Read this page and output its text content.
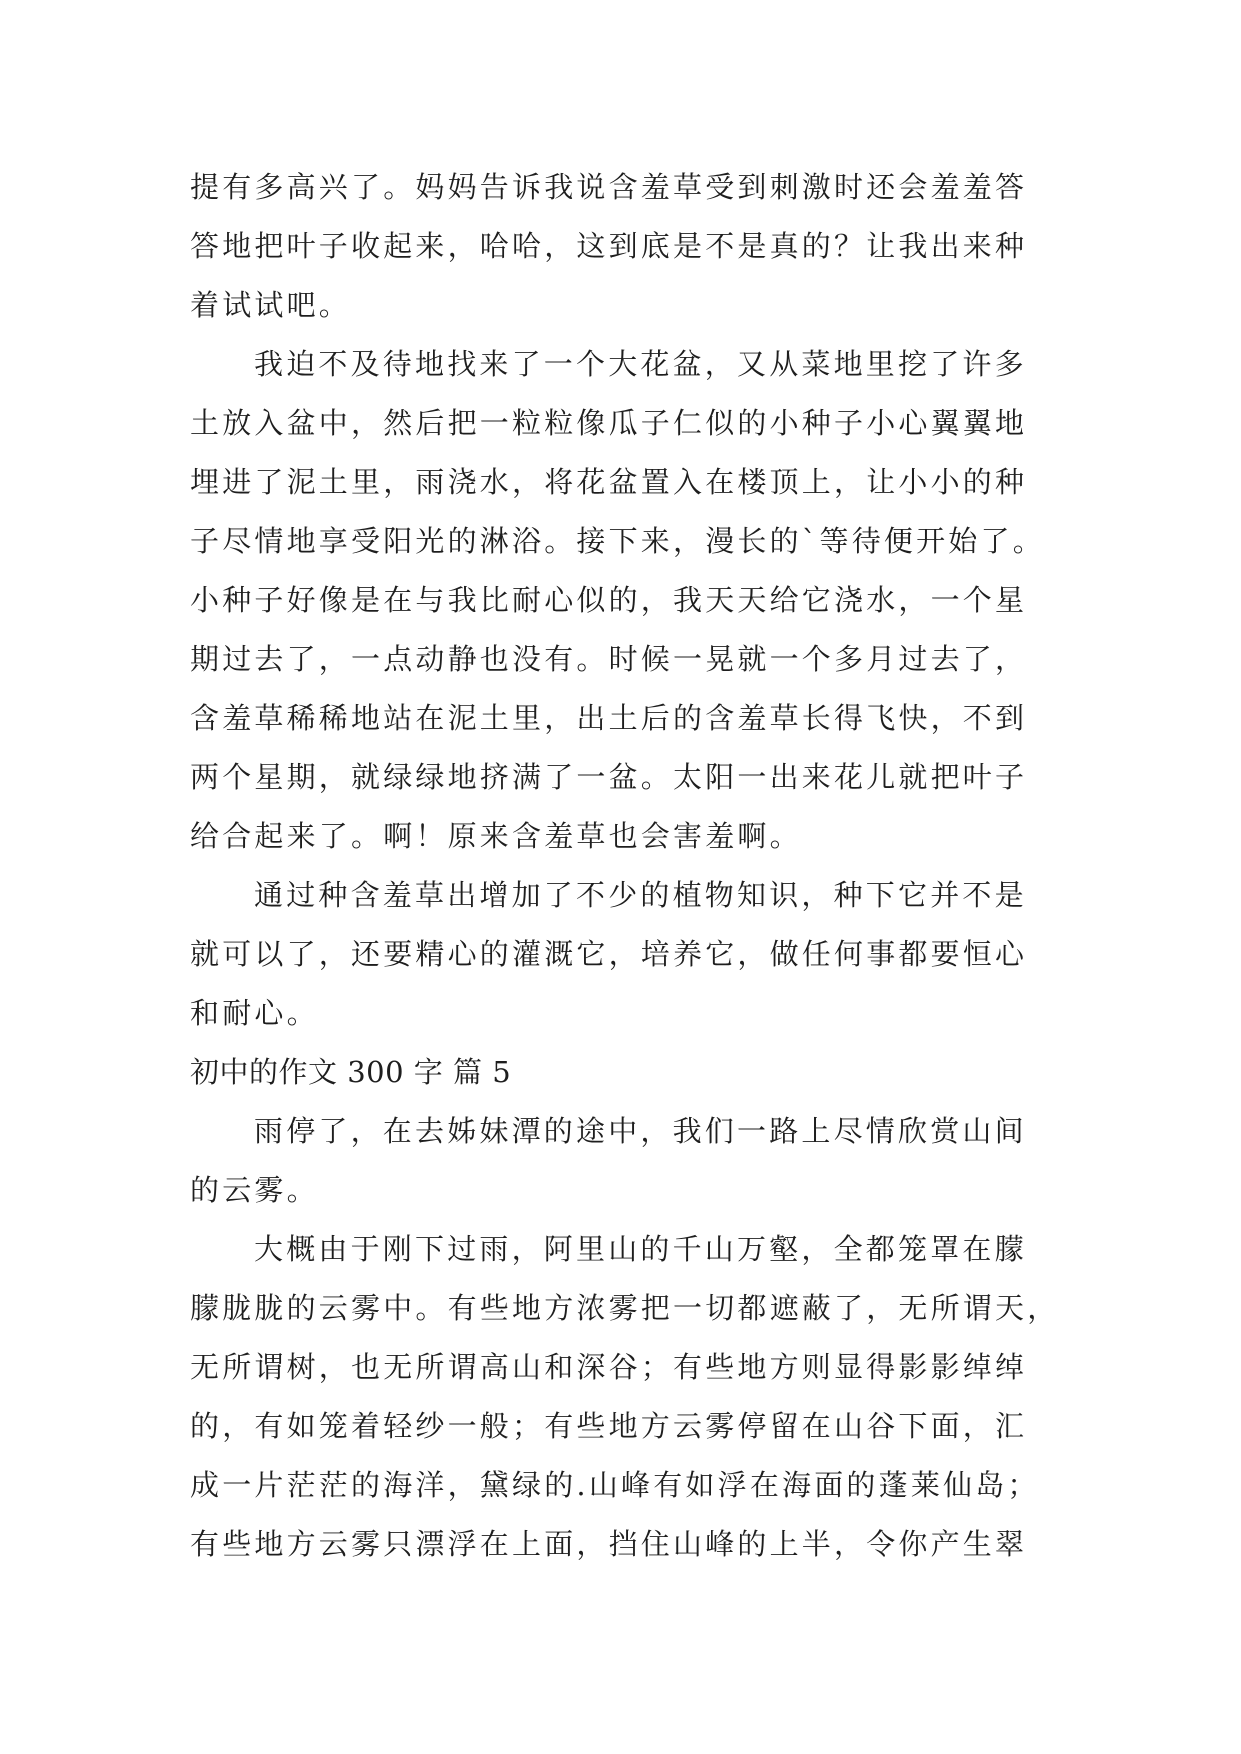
提有多高兴了。妈妈告诉我说含羞草受到刺激时还会羞羞答
答地把叶子收起来，哈哈，这到底是不是真的？让我出来种
着试试吧。
我迫不及待地找来了一个大花盆，又从菜地里挖了许多
土放入盆中，然后把一粒粒像瓜子仁似的小种子小心翼翼地
埋进了泥土里，雨浇水，将花盆置入在楼顶上，让小小的种
子尽情地享受阳光的淋浴。接下来，漫长的`等待便开始了。
小种子好像是在与我比耐心似的，我天天给它浇水，一个星
期过去了，一点动静也没有。时候一晃就一个多月过去了，
含羞草稀稀地站在泥土里，出土后的含羞草长得飞快，不到
两个星期，就绿绿地挤满了一盆。太阳一出来花儿就把叶子
给合起来了。啊！原来含羞草也会害羞啊。
通过种含羞草出增加了不少的植物知识，种下它并不是
就可以了，还要精心的灌溉它，培养它，做任何事都要恒心
和耐心。
初中的作文 300 字 篇 5
雨停了，在去姊妹潭的途中，我们一路上尽情欣赏山间
的云雾。
大概由于刚下过雨，阿里山的千山万壑，全都笼罩在朦
朦胧胧的云雾中。有些地方浓雾把一切都遮蔽了，无所谓天，
无所谓树，也无所谓高山和深谷；有些地方则显得影影绰绰
的，有如笼着轻纱一般；有些地方云雾停留在山谷下面，汇
成一片茫茫的海洋，黛绿的.山峰有如浮在海面的蓬莱仙岛；
有些地方云雾只漂浮在上面，挡住山峰的上半，令你产生翠
